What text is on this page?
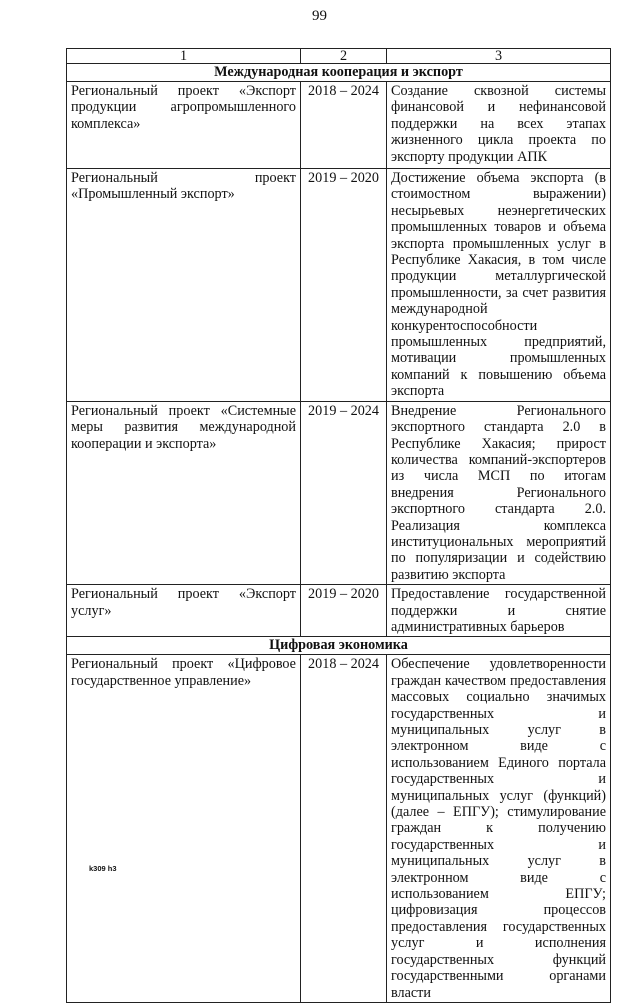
99
1	2	3
Международная кооперация и экспорт		
Региональный проект «Экспорт продукции агропромышленного комплекса»	2018 – 2024	Создание сквозной системы финансовой и нефинансовой поддержки на всех этапах жизненного цикла проекта по экспорту продукции АПК
Региональный проект «Промышленный экспорт»	2019 – 2020	Достижение объема экспорта (в стоимостном выражении) несырьевых неэнергетических промышленных товаров и объема экспорта промышленных услуг в Республике Хакасия, в том числе продукции металлургической промышленности, за счет развития международной конкурентоспособности промышленных предприятий, мотивации промышленных компаний к повышению объема экспорта
Региональный проект «Системные меры развития международной кооперации и экспорта»	2019 – 2024	Внедрение Регионального экспортного стандарта 2.0 в Республике Хакасия; прирост количества компаний-экспортеров из числа МСП по итогам внедрения Регионального экспортного стандарта 2.0. Реализация комплекса институциональных мероприятий по популяризации и содействию развитию экспорта
Региональный проект «Экспорт услуг»	2019 – 2020	Предоставление государственной поддержки и снятие административных барьеров
Цифровая экономика		
Региональный проект «Цифровое государственное управление»	2018 – 2024	Обеспечение удовлетворенности граждан качеством предоставления массовых социально значимых государственных и муниципальных услуг в электронном виде с использованием Единого портала государственных и муниципальных услуг (функций) (далее – ЕПГУ); стимулирование граждан к получению государственных и муниципальных услуг в электронном виде с использованием ЕПГУ; цифровизация процессов предоставления государственных услуг и исполнения государственных функций государственными органами власти
k309 h3
